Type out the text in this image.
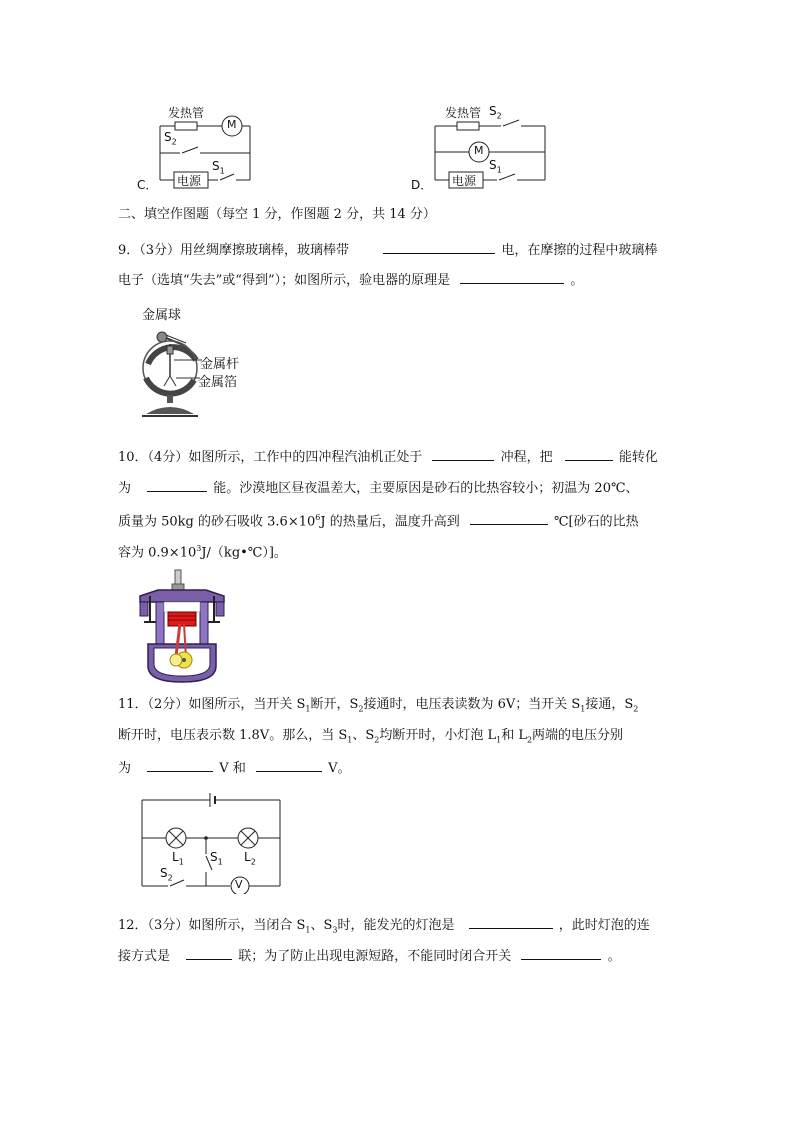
发热管
M
$S_2$
$S_1$
电源
C．
发热管 $S_2$
M
$S_1$
电源
D．
二、填空作图题（每空 1 分，作图题 2 分，共 14 分）
9．（3分）用丝绸摩擦玻璃棒，玻璃棒带	电，在摩擦的过程中玻璃棒
电子（选填“失去”或“得到”）；如图所示，验电器的原理是	。
金属球
金属杆
金属箔
10．（4分）如图所示，工作中的四冲程汽油机正处于	冲程，把	能转化
为	能。沙漠地区昼夜温差大，主要原因是砂石的比热容较小；初温为 20℃、
质量为 50kg 的砂石吸收 $3.6\times 10^6J$ 的热量后，温度升高到	℃[砂石的比热
容为 $0.9\times 10^3J/(kg•℃)$]。
11．（2分）如图所示，当开关 $S_1$断开，$S_2$接通时，电压表读数为 6V；当开关 $S_1$接通，$S_2$
断开时，电压表示数 1.8V。那么，当 $S_1$、$S_2$均断开时，小灯泡 $L_1$和 $L_2$两端的电压分别
为	V 和	V。
$L_1$	$L_2$
$S_1$
$S_2$
V
12．（3分）如图所示，当闭合 $S_1$、$S_3$时，能发光的灯泡是	，此时灯泡的连
接方式是	联；为了防止出现电源短路，不能同时闭合开关	。
